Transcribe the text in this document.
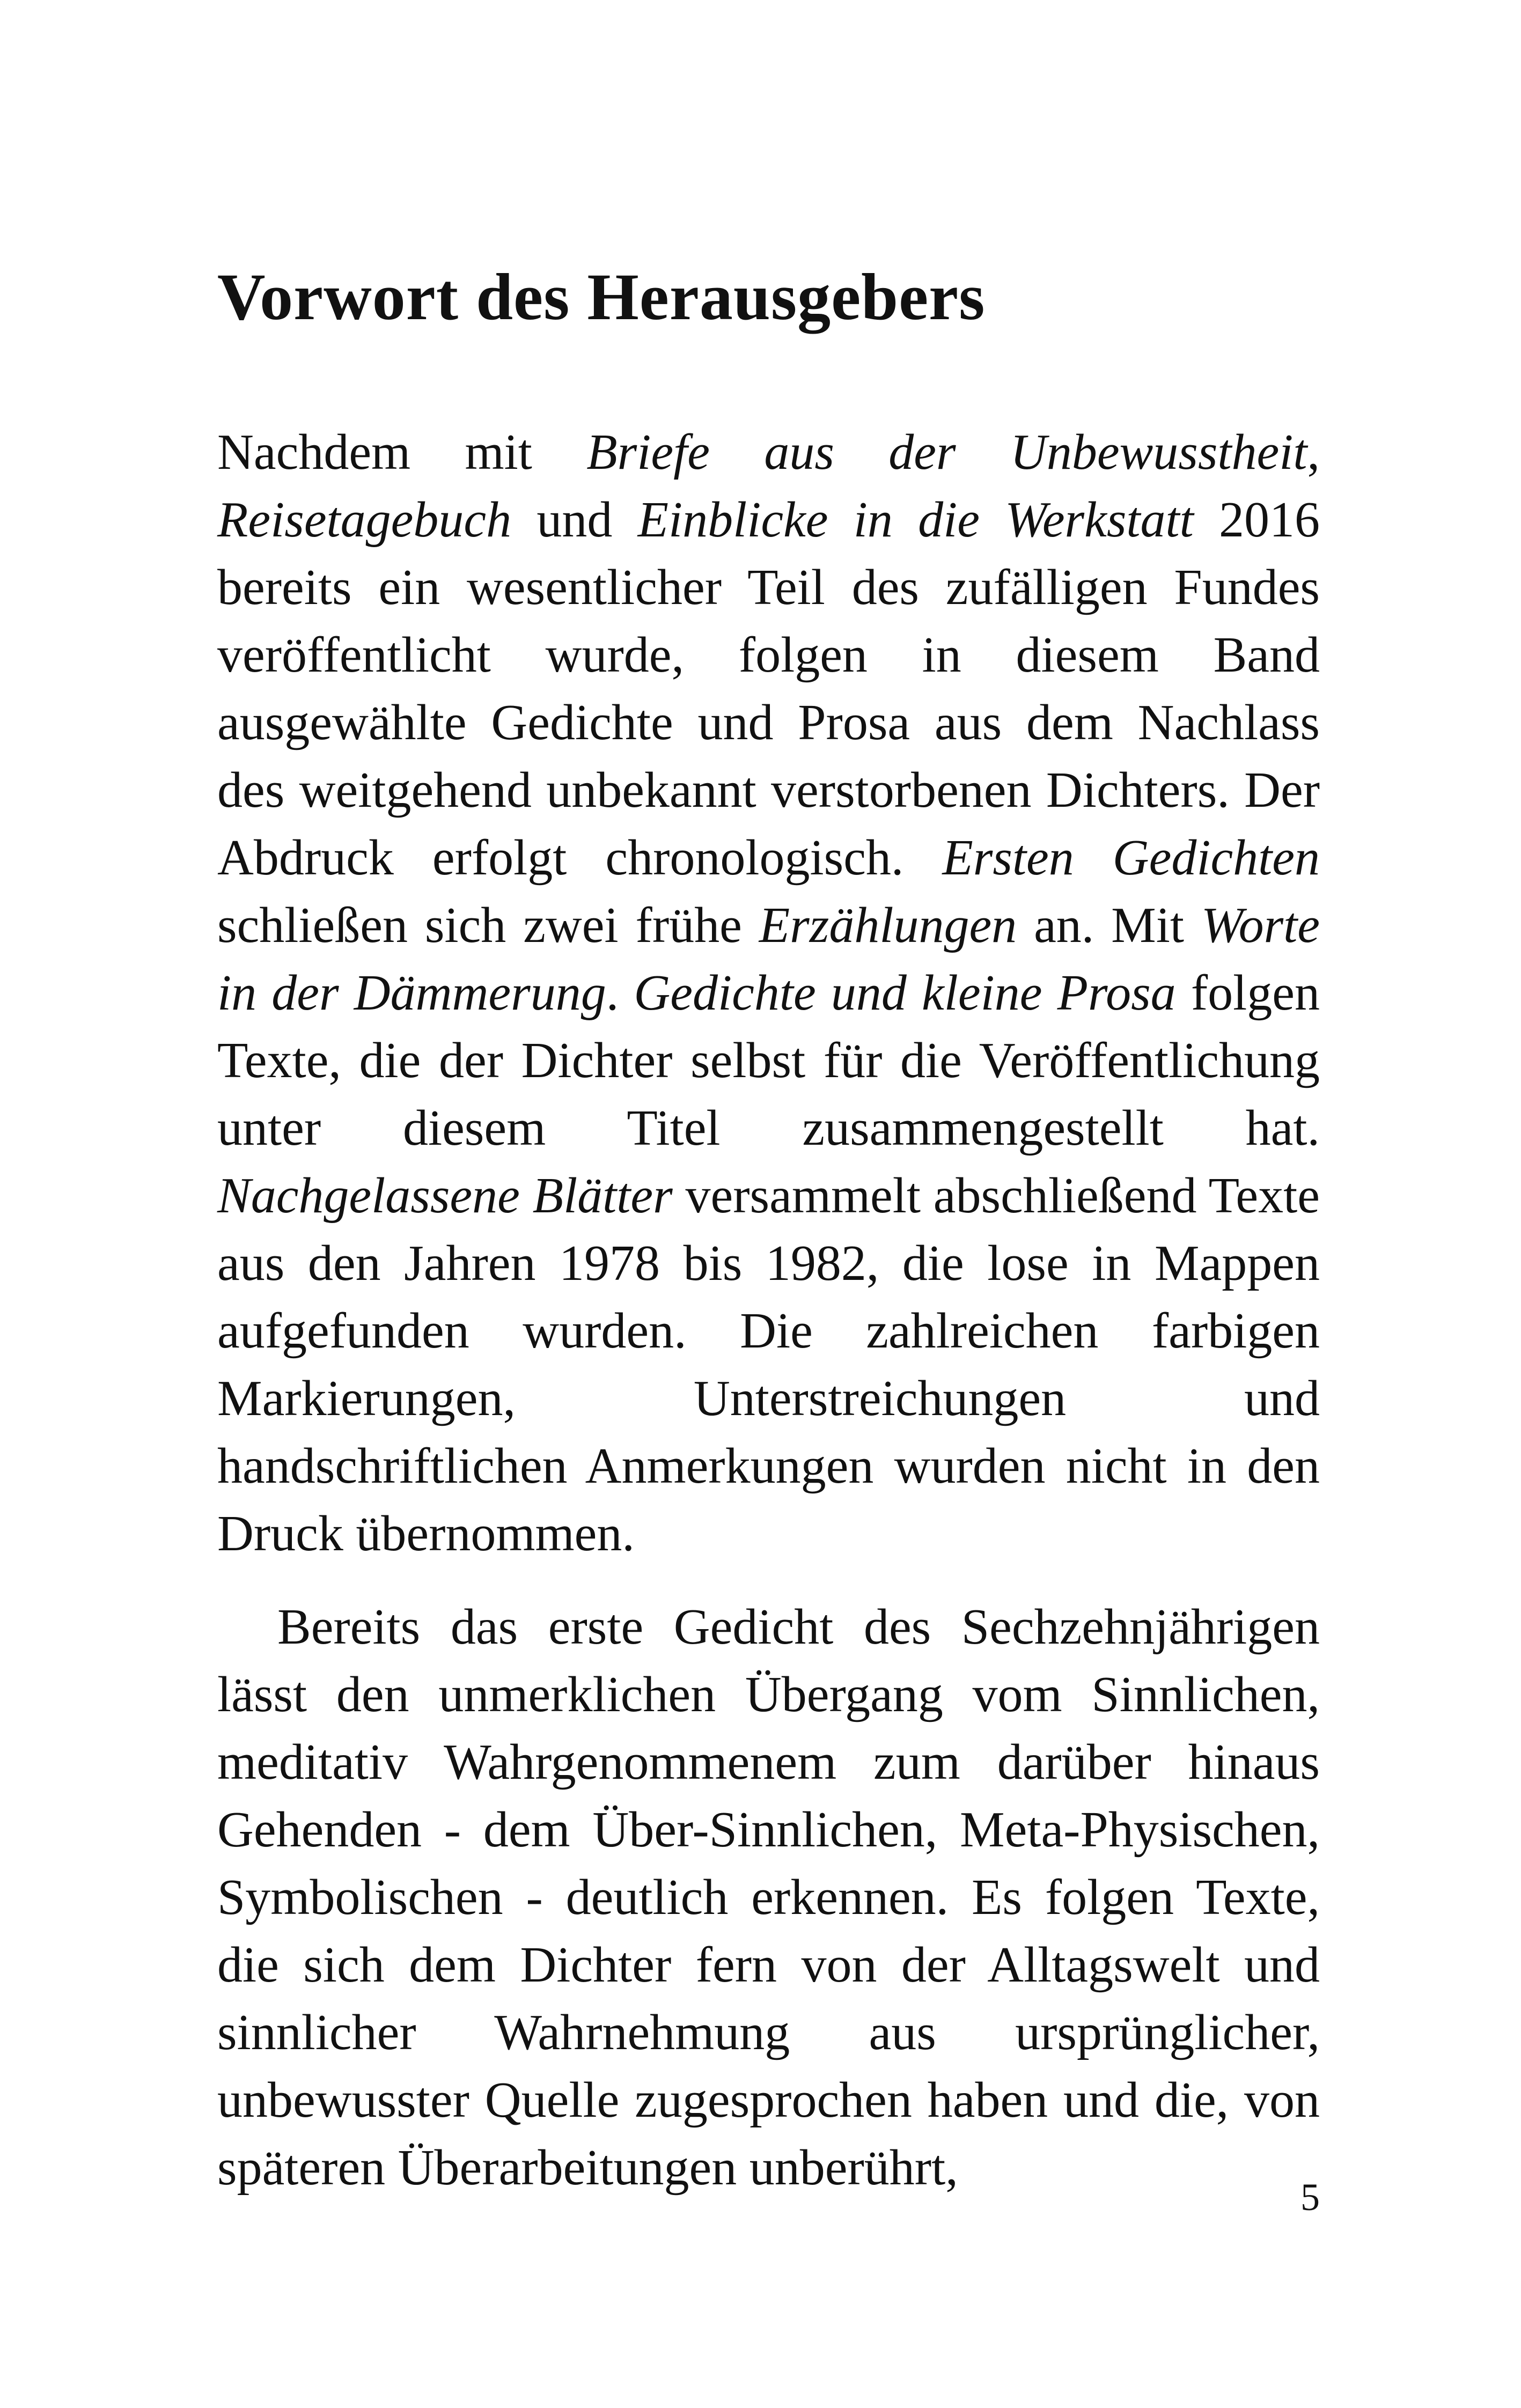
Vorwort des Herausgebers

Nachdem mit Briefe aus der Unbewusstheit, Reisetagebuch und Einblicke in die Werkstatt 2016 bereits ein wesentlicher Teil des zufälligen Fundes veröffentlicht wurde, folgen in diesem Band ausgewählte Gedichte und Prosa aus dem Nachlass des weitgehend unbekannt verstorbenen Dichters. Der Abdruck erfolgt chronologisch. Ersten Gedichten schließen sich zwei frühe Erzählungen an. Mit Worte in der Dämmerung. Gedichte und kleine Prosa folgen Texte, die der Dichter selbst für die Veröffentlichung unter diesem Titel zusammengestellt hat. Nachgelassene Blätter versammelt abschließend Texte aus den Jahren 1978 bis 1982, die lose in Mappen aufgefunden wurden. Die zahlreichen farbigen Markierungen, Unterstreichungen und handschriftlichen Anmerkungen wurden nicht in den Druck übernommen.

Bereits das erste Gedicht des Sechzehnjährigen lässt den unmerklichen Übergang vom Sinnlichen, meditativ Wahrgenommenem zum darüber hinaus Gehenden - dem Über-Sinnlichen, Meta-Physischen, Symbolischen - deutlich erkennen. Es folgen Texte, die sich dem Dichter fern von der Alltagswelt und sinnlicher Wahrnehmung aus ursprünglicher, unbewusster Quelle zugesprochen haben und die, von späteren Überarbeitungen unberührt,

5
